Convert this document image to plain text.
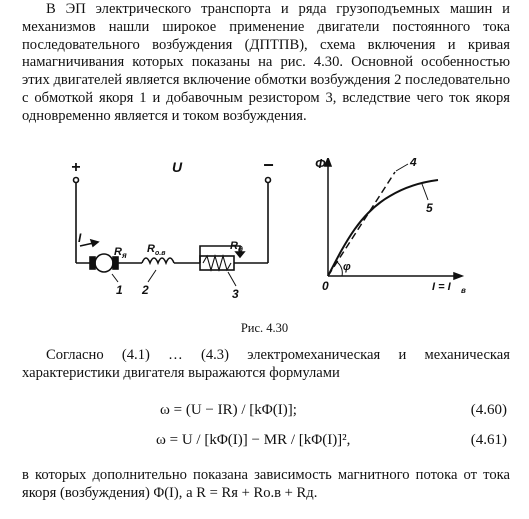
В ЭП электрического транспорта и ряда грузоподъемных машин и механизмов нашли широкое применение двигатели постоянного тока последовательного возбуждения (ДПТПВ), схема включения и кривая намагничивания которых показаны на рис. 4.30. Основной особенностью этих двигателей является включение обмотки возбуждения 2 последовательно с обмоткой якоря 1 и добавочным резистором 3, вследствие чего ток якоря одновременно является и током возбуждения.

+	−
U
I
R я
R о.в
R д
1 2	3
Φ
0
φ
4
5
I = I в
Рис. 4.30

Согласно (4.1) … (4.3) электромеханическая и механическая характеристики двигателя выражаются формулами

ω = (U − IR) / [kΦ(I)];	(4.60)
ω = U / [kΦ(I)] − MR / [kΦ(I)]²,	(4.61)

в которых дополнительно показана зависимость магнитного потока от тока якоря (возбуждения) Φ(I), а R = Rя + Rо.в + Rд.
